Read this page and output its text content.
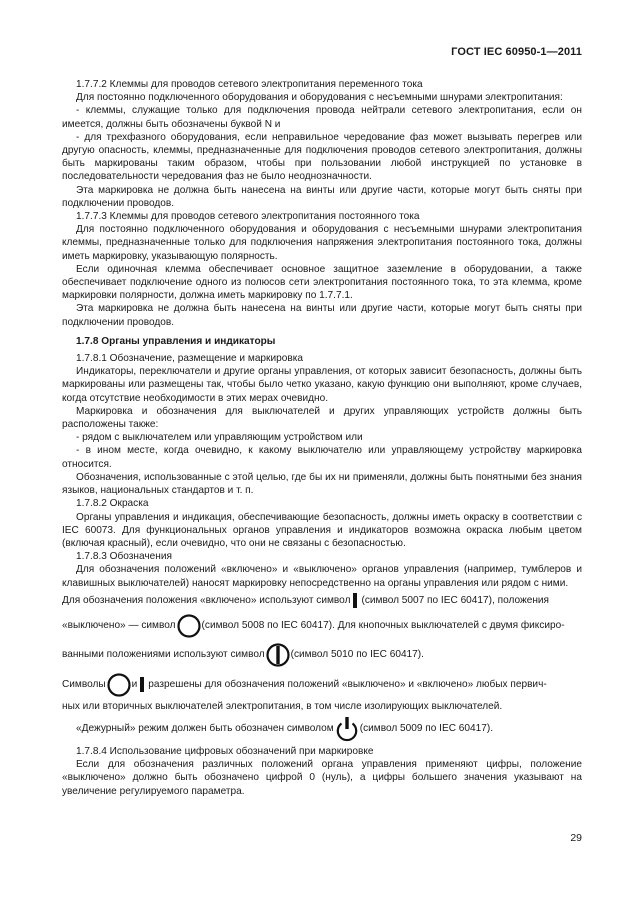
ГОСТ IEC 60950-1—2011

1.7.7.2 Клеммы для проводов сетевого электропитания переменного тока

Для постоянно подключенного оборудования и оборудования с несъемными шнурами электропитания:

- клеммы, служащие только для подключения провода нейтрали сетевого электропитания, если он имеется, должны быть обозначены буквой N и

- для трехфазного оборудования, если неправильное чередование фаз может вызывать перегрев или другую опасность, клеммы, предназначенные для подключения проводов сетевого электропитания, должны быть маркированы таким образом, чтобы при пользовании любой инструкцией по установке в последовательности чередования фаз не было неоднозначности.

Эта маркировка не должна быть нанесена на винты или другие части, которые могут быть сняты при подключении проводов.

1.7.7.3 Клеммы для проводов сетевого электропитания постоянного тока

Для постоянно подключенного оборудования и оборудования с несъемными шнурами электропитания клеммы, предназначенные только для подключения напряжения электропитания постоянного тока, должны иметь маркировку, указывающую полярность.

Если одиночная клемма обеспечивает основное защитное заземление в оборудовании, а также обеспечивает подключение одного из полюсов сети электропитания постоянного тока, то эта клемма, кроме маркировки полярности, должна иметь маркировку по 1.7.7.1.

Эта маркировка не должна быть нанесена на винты или другие части, которые могут быть сняты при подключении проводов.

1.7.8 Органы управления и индикаторы

1.7.8.1 Обозначение, размещение и маркировка

Индикаторы, переключатели и другие органы управления, от которых зависит безопасность, должны быть маркированы или размещены так, чтобы было четко указано, какую функцию они выполняют, кроме случаев, когда отсутствие необходимости в этих мерах очевидно.

Маркировка и обозначения для выключателей и других управляющих устройств должны быть расположены также:

- рядом с выключателем или управляющим устройством или

- в ином месте, когда очевидно, к какому выключателю или управляющему устройству маркировка относится.

Обозначения, использованные с этой целью, где бы их ни применяли, должны быть понятными без знания языков, национальных стандартов и т. п.

1.7.8.2 Окраска

Органы управления и индикация, обеспечивающие безопасность, должны иметь окраску в соответствии с IEC 60073. Для функциональных органов управления и индикаторов возможна окраска любым цветом (включая красный), если очевидно, что они не связаны с безопасностью.

1.7.8.3 Обозначения

Для обозначения положений «включено» и «выключено» органов управления (например, тумблеров и клавишных выключателей) наносят маркировку непосредственно на органы управления или рядом с ними.

Для обозначения положения «включено» используют символ (символ 5007 по IEC 60417), положения
«выключено» — символ	(символ 5008 по IEC 60417). Для кнопочных выключателей с двумя фиксиро-
ванными положениями используют символ	(символ 5010 по IEC 60417).
Символы	и разрешены для обозначения положений «выключено» и «включено» любых первич-

ных или вторичных выключателей электропитания, в том числе изолирующих выключателей.

«Дежурный» режим должен быть обозначен символом	(символ 5009 по IEC 60417).

1.7.8.4 Использование цифровых обозначений при маркировке

Если для обозначения различных положений органа управления применяют цифры, положение «выключено» должно быть обозначено цифрой 0 (нуль), а цифры большего значения указывают на увеличение регулируемого параметра.

29
